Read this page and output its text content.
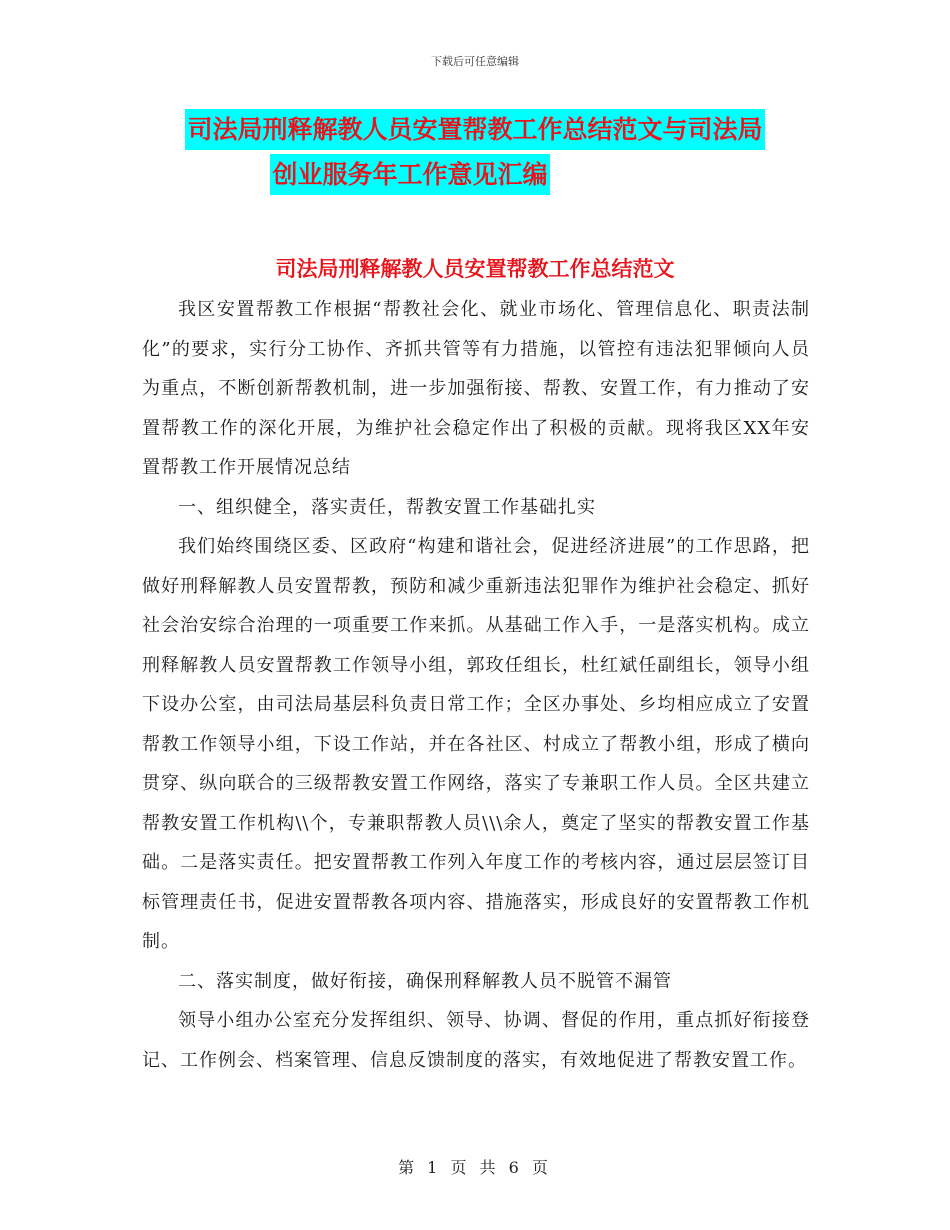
下载后可任意编辑
司法局刑释解教人员安置帮教工作总结范文与司法局
创业服务年工作意见汇编
司法局刑释解教人员安置帮教工作总结范文

我区安置帮教工作根据“帮教社会化、就业市场化、管理信息化、职责法制化”的要求，实行分工协作、齐抓共管等有力措施，以管控有违法犯罪倾向人员为重点，不断创新帮教机制，进一步加强衔接、帮教、安置工作，有力推动了安置帮教工作的深化开展，为维护社会稳定作出了积极的贡献。现将我区XX年安置帮教工作开展情况总结

一、组织健全，落实责任，帮教安置工作基础扎实

我们始终围绕区委、区政府“构建和谐社会，促进经济进展”的工作思路，把做好刑释解教人员安置帮教，预防和减少重新违法犯罪作为维护社会稳定、抓好社会治安综合治理的一项重要工作来抓。从基础工作入手，一是落实机构。成立刑释解教人员安置帮教工作领导小组，郭玫任组长，杜红斌任副组长，领导小组下设办公室，由司法局基层科负责日常工作；全区办事处、乡均相应成立了安置帮教工作领导小组，下设工作站，并在各社区、村成立了帮教小组，形成了横向贯穿、纵向联合的三级帮教安置工作网络，落实了专兼职工作人员。全区共建立帮教安置工作机构\\个，专兼职帮教人员\\\余人，奠定了坚实的帮教安置工作基础。二是落实责任。把安置帮教工作列入年度工作的考核内容，通过层层签订目标管理责任书，促进安置帮教各项内容、措施落实，形成良好的安置帮教工作机制。

二、落实制度，做好衔接，确保刑释解教人员不脱管不漏管

领导小组办公室充分发挥组织、领导、协调、督促的作用，重点抓好衔接登记、工作例会、档案管理、信息反馈制度的落实，有效地促进了帮教安置工作。

第 1 页 共 6 页
